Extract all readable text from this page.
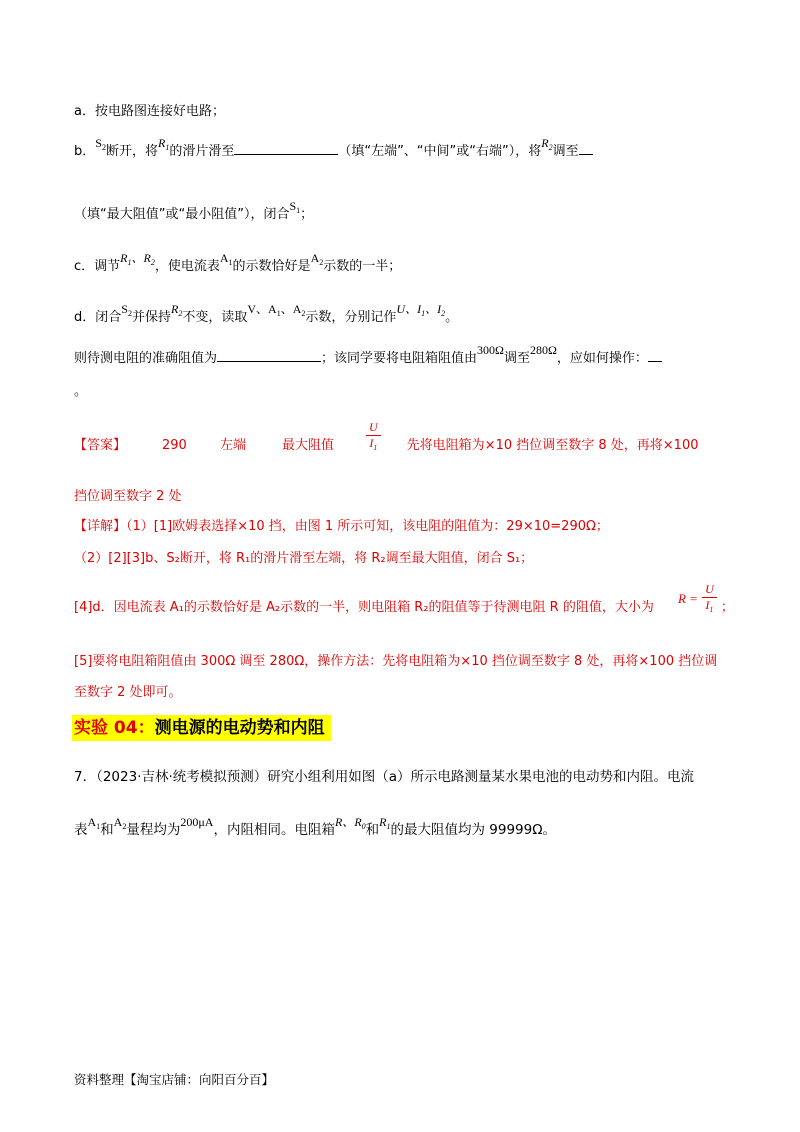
a．按电路图连接好电路；
b．$S_2$断开，将$R_1$的滑片滑至	（填“左端”、“中间”或“右端”），将$R_2$调至
（填“最大阻值”或“最小阻值”），闭合$S_1$；
c．调节$R_1$、$R_2$，使电流表$A_1$的示数恰好是$A_2$示数的一半；
d．闭合$S_2$并保持$R_2$不变，读取V、$A_1$、$A_2$示数，分别记作U、$I_1$、$I_2$。
则待测电阻的准确阻值为	；该同学要将电阻箱阻值由300Ω调至280Ω，应如何操作：
。
【答案】	290	左端	最大阻值	$\frac{U}{I_1}$ 先将电阻箱为×10 挡位调至数字 8 处，再将×100
挡位调至数字 2 处
【详解】（1）[1]欧姆表选择×10 挡，由图 1 所示可知，该电阻的阻值为：29×10=290Ω；
（2）[2][3]b、S₂断开，将 R₁的滑片滑至左端，将 R₂调至最大阻值，闭合 S₁；
[4]d．因电流表 A₁的示数恰好是 A₂示数的一半，则电阻箱 R₂的阻值等于待测电阻 R 的阻值，大小为 $R = \frac{U}{I_1}$ ；
[5]要将电阻箱阻值由 300Ω 调至 280Ω，操作方法：先将电阻箱为×10 挡位调至数字 8 处，再将×100 挡位调
至数字 2 处即可。
实验 04：测电源的电动势和内阻
7．（2023·吉林·统考模拟预测）研究小组利用如图（a）所示电路测量某水果电池的电动势和内阻。电流
表$A_1$和$A_2$量程均为200μA，内阻相同。电阻箱R、$R_0$和$R_1$的最大阻值均为 99999Ω。
资料整理【淘宝店铺：向阳百分百】
